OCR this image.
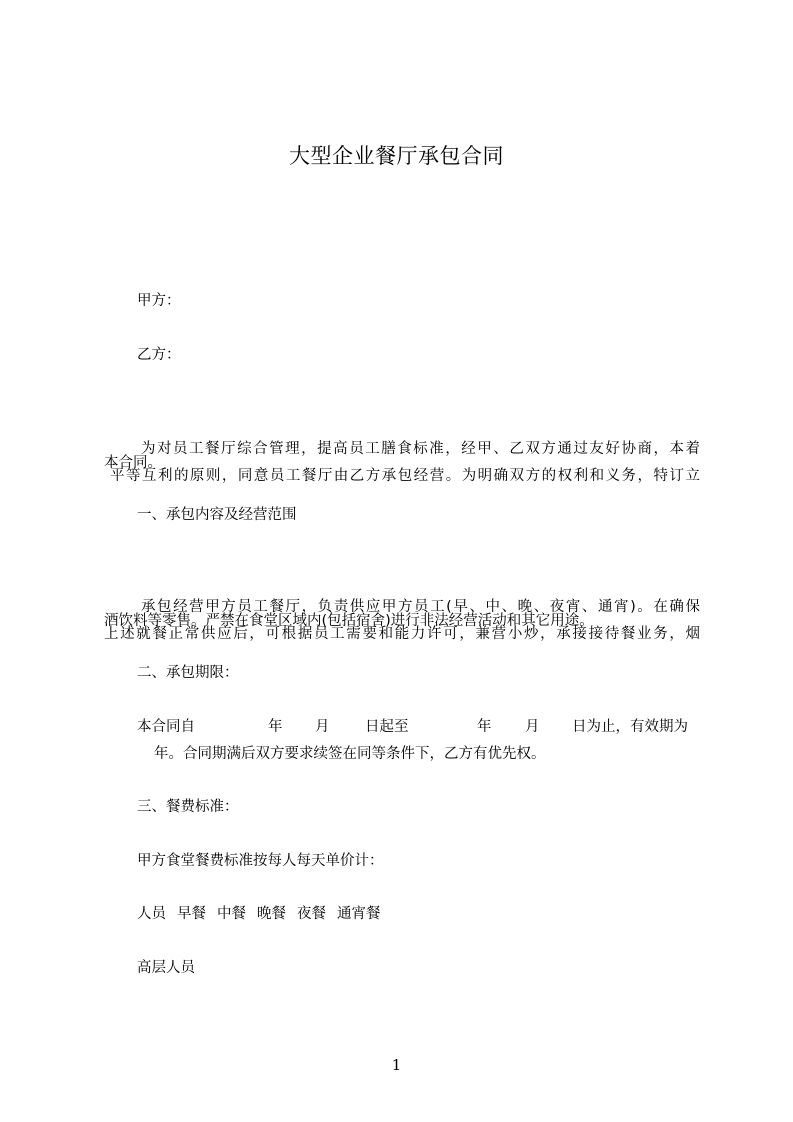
大型企业餐厅承包合同
甲方：
乙方：

为对员工餐厅综合管理，提高员工膳食标准，经甲、乙双方通过友好协商，本着

平等互利的原则，同意员工餐厅由乙方承包经营。为明确双方的权利和义务，特订立

本合同。
一、承包内容及经营范围

承包经营甲方员工餐厅，负责供应甲方员工(早、中、晚、夜宵、通宵)。在确保

上述就餐正常供应后，可根据员工需要和能力许可，兼营小炒，承接接待餐业务，烟

酒饮料等零售。严禁在食堂区域内(包括宿舍)进行非法经营活动和其它用途。
二、承包期限：
本合同自	年 月 日起至	年 月 日为止，有效期为
年。合同期满后双方要求续签在同等条件下，乙方有优先权。
三、餐费标准：
甲方食堂餐费标准按每人每天单价计：
人员 早餐 中餐 晚餐 夜餐 通宵餐
高层人员
1
